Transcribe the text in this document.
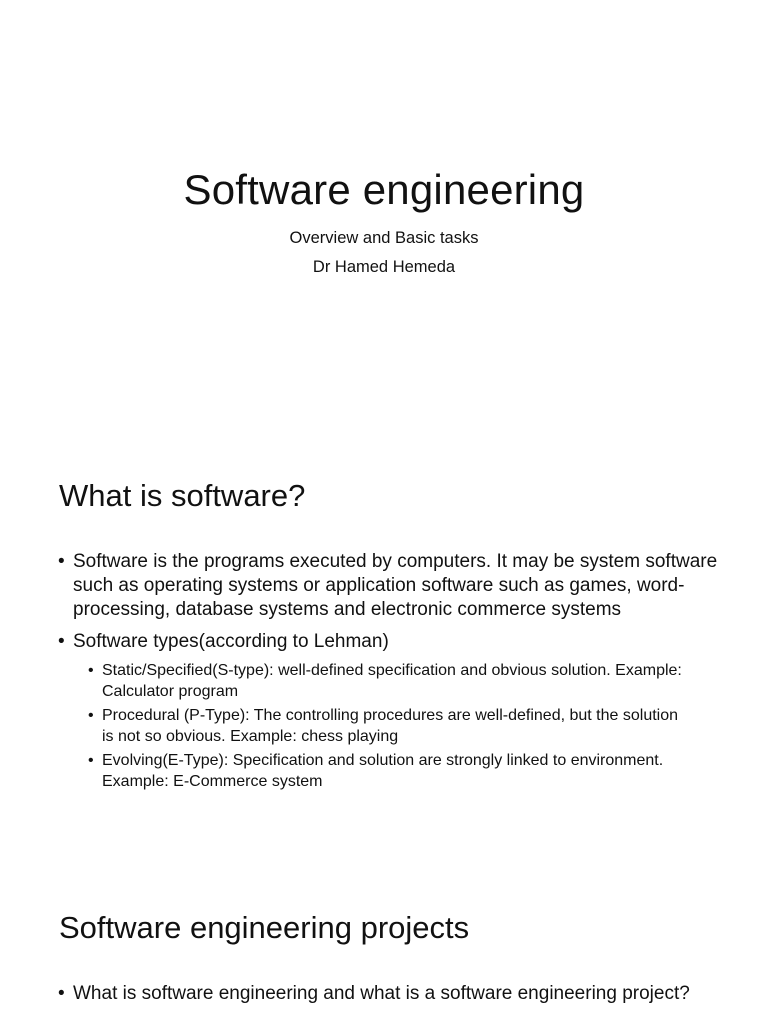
Software engineering

Overview and Basic tasks

Dr Hamed Hemeda

What is software?
• Software is the programs executed by computers. It may be system software such as operating systems or application software such as games, word-processing, database systems and electronic commerce systems
• Software types(according to Lehman)
• Static/Specified(S-type): well-defined specification and obvious solution. Example: Calculator program
• Procedural (P-Type): The controlling procedures are well-defined, but the solution is not so obvious. Example: chess playing
• Evolving(E-Type): Specification and solution are strongly linked to environment. Example: E-Commerce system
Software engineering projects
• What is software engineering and what is a software engineering project?
